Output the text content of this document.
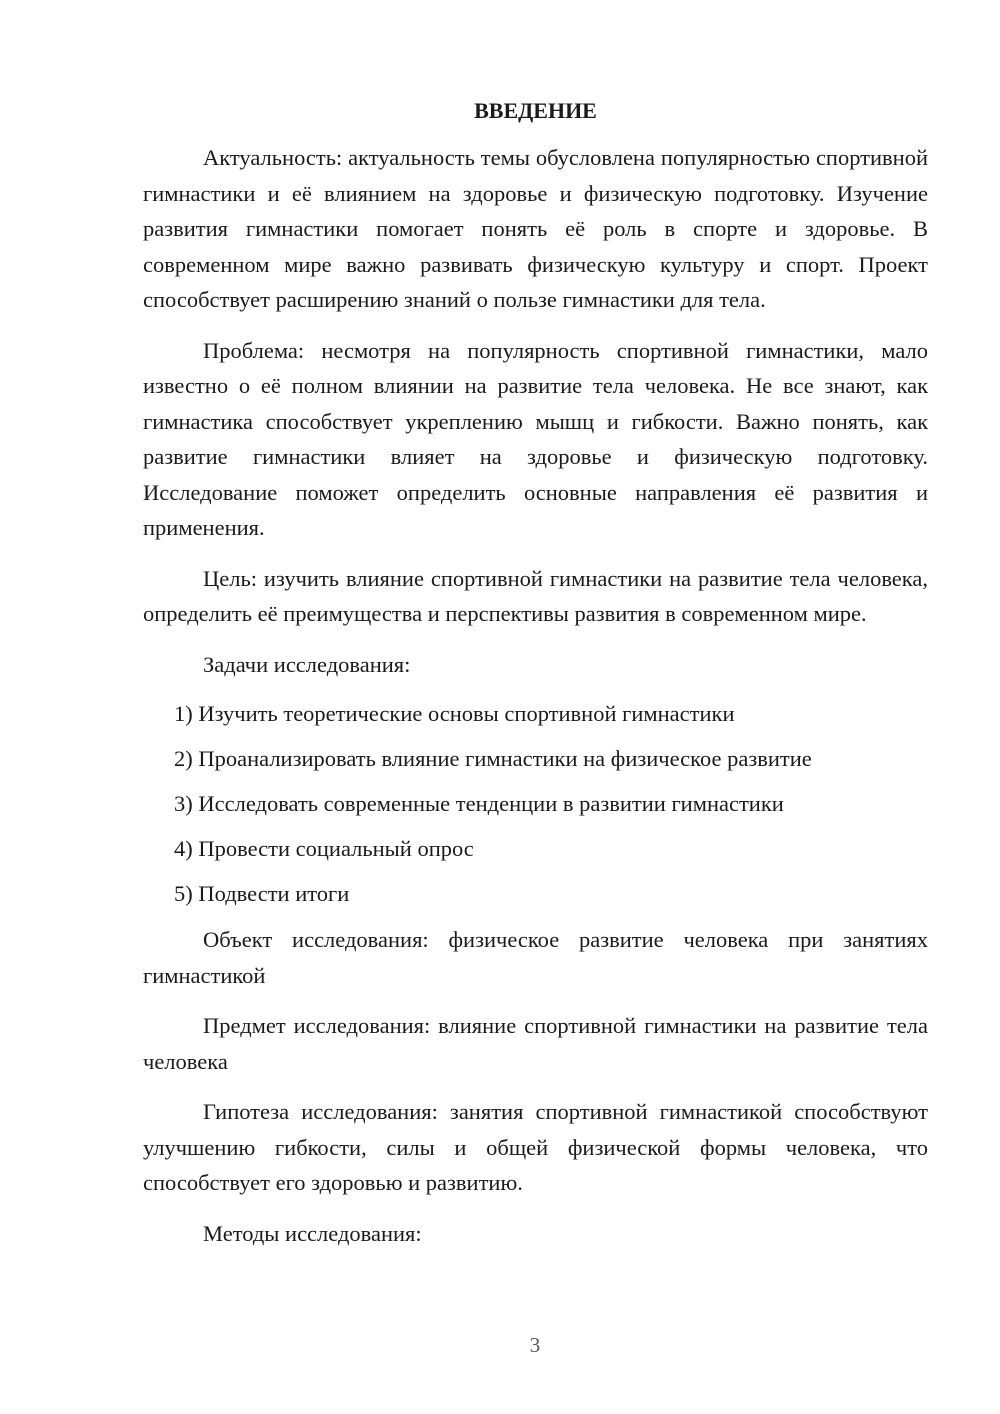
ВВЕДЕНИЕ

Актуальность: актуальность темы обусловлена популярностью спортивной гимнастики и её влиянием на здоровье и физическую подготовку. Изучение развития гимнастики помогает понять её роль в спорте и здоровье. В современном мире важно развивать физическую культуру и спорт. Проект способствует расширению знаний о пользе гимнастики для тела.

Проблема: несмотря на популярность спортивной гимнастики, мало известно о её полном влиянии на развитие тела человека. Не все знают, как гимнастика способствует укреплению мышц и гибкости. Важно понять, как развитие гимнастики влияет на здоровье и физическую подготовку. Исследование поможет определить основные направления её развития и применения.

Цель: изучить влияние спортивной гимнастики на развитие тела человека, определить её преимущества и перспективы развития в современном мире.

Задачи исследования:

1) Изучить теоретические основы спортивной гимнастики
2) Проанализировать влияние гимнастики на физическое развитие
3) Исследовать современные тенденции в развитии гимнастики
4) Провести социальный опрос
5) Подвести итоги

Объект исследования: физическое развитие человека при занятиях гимнастикой

Предмет исследования: влияние спортивной гимнастики на развитие тела человека

Гипотеза исследования: занятия спортивной гимнастикой способствуют улучшению гибкости, силы и общей физической формы человека, что способствует его здоровью и развитию.

Методы исследования:

3
